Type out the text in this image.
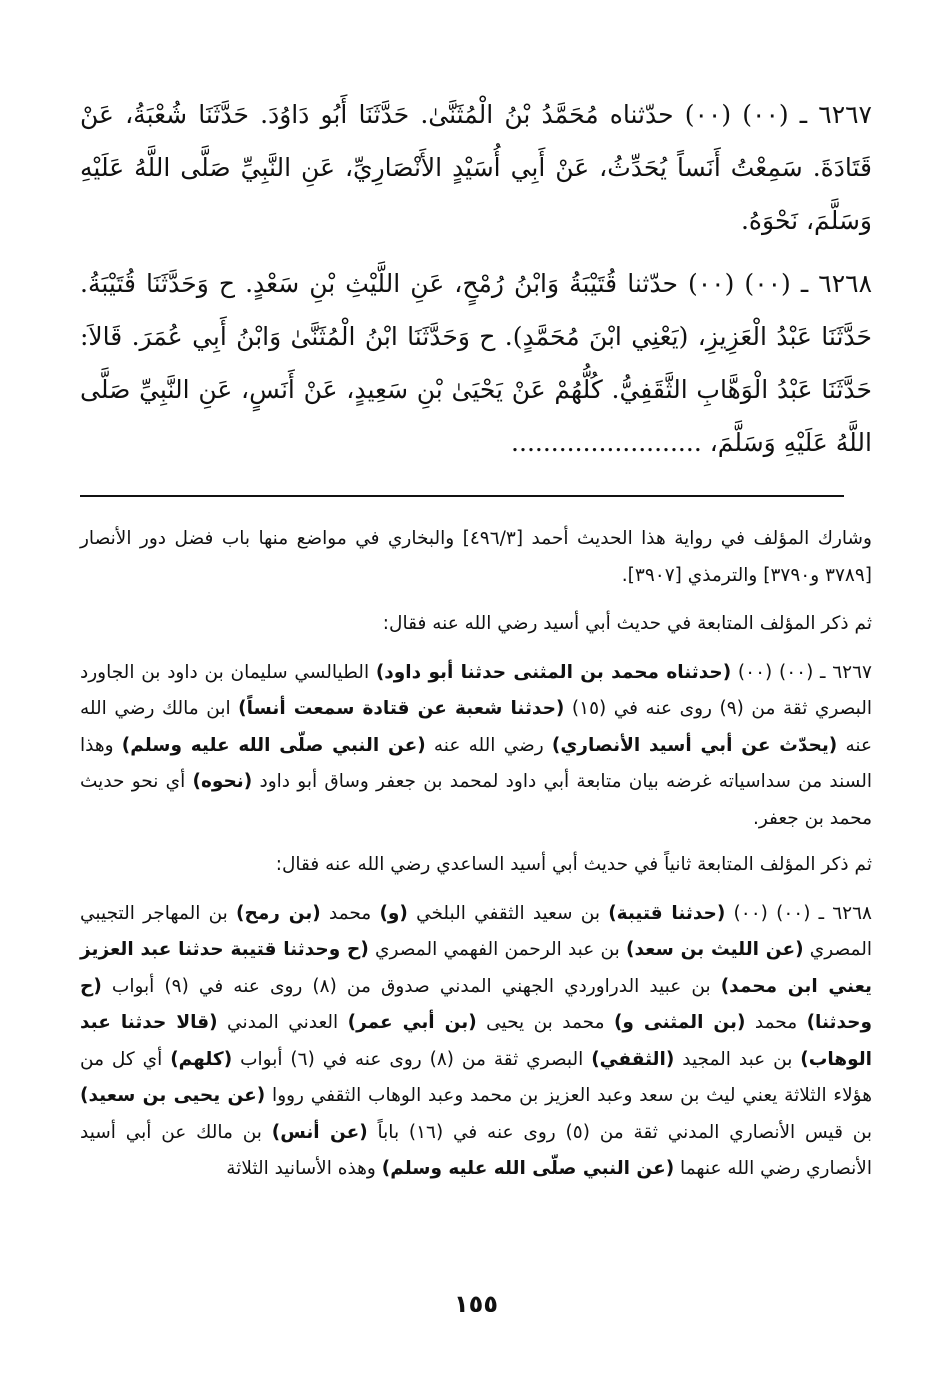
٦٢٦٧ ـ (٠٠) (٠٠) حدّثناه مُحَمَّدُ بْنُ الْمُثَنَّىٰ. حَدَّثَنَا أَبُو دَاوُدَ. حَدَّثَنَا شُعْبَةُ، عَنْ قَتَادَةَ. سَمِعْتُ أَنَساً يُحَدِّثُ، عَنْ أَبِي أُسَيْدٍ الأَنْصَارِيِّ، عَنِ النَّبِيِّ صَلَّى اللَّهُ عَلَيْهِ وَسَلَّمَ، نَحْوَهُ.

٦٢٦٨ ـ (٠٠) (٠٠) حدّثنا قُتَيْبَةُ وَابْنُ رُمْحٍ، عَنِ اللَّيْثِ بْنِ سَعْدٍ. ح وَحَدَّثَنَا قُتَيْبَةُ. حَدَّثَنَا عَبْدُ الْعَزِيزِ، (يَعْنِي ابْنَ مُحَمَّدٍ). ح وَحَدَّثَنَا ابْنُ الْمُثَنَّىٰ وَابْنُ أَبِي عُمَرَ. قَالاَ: حَدَّثَنَا عَبْدُ الْوَهَّابِ الثَّقَفِيُّ. كُلُّهُمْ عَنْ يَحْيَىٰ بْنِ سَعِيدٍ، عَنْ أَنَسٍ، عَنِ النَّبِيِّ صَلَّى اللَّهُ عَلَيْهِ وَسَلَّمَ، ........................

وشارك المؤلف في رواية هذا الحديث أحمد [٤٩٦/٣] والبخاري في مواضع منها باب فضل دور الأنصار [٣٧٨٩ و٣٧٩٠] والترمذي [٣٩٠٧].

ثم ذكر المؤلف المتابعة في حديث أبي أسيد رضي الله عنه فقال:

٦٢٦٧ ـ (٠٠) (٠٠) (حدثناه محمد بن المثنى حدثنا أبو داود) الطيالسي سليمان بن داود بن الجاورد البصري ثقة من (٩) روى عنه في (١٥) (حدثنا شعبة عن قتادة سمعت أنساً) ابن مالك رضي الله عنه (يحدّث عن أبي أسيد الأنصاري) رضي الله عنه (عن النبي صلّى الله عليه وسلم) وهذا السند من سداسياته غرضه بيان متابعة أبي داود لمحمد بن جعفر وساق أبو داود (نحوه) أي نحو حديث محمد بن جعفر.

ثم ذكر المؤلف المتابعة ثانياً في حديث أبي أسيد الساعدي رضي الله عنه فقال:

٦٢٦٨ ـ (٠٠) (٠٠) (حدثنا قتيبة) بن سعيد الثقفي البلخي (و) محمد (بن رمح) بن المهاجر التجيبي المصري (عن الليث بن سعد) بن عبد الرحمن الفهمي المصري (ح وحدثنا قتيبة حدثنا عبد العزيز يعني ابن محمد) بن عبيد الدراوردي الجهني المدني صدوق من (٨) روى عنه في (٩) أبواب (ح وحدثنا) محمد (بن المثنى و) محمد بن يحيى (بن أبي عمر) العدني المدني (قالا حدثنا عبد الوهاب) بن عبد المجيد (الثقفي) البصري ثقة من (٨) روى عنه في (٦) أبواب (كلهم) أي كل من هؤلاء الثلاثة يعني ليث بن سعد وعبد العزيز بن محمد وعبد الوهاب الثقفي رووا (عن يحيى بن سعيد) بن قيس الأنصاري المدني ثقة من (٥) روى عنه في (١٦) باباً (عن أنس) بن مالك عن أبي أسيد الأنصاري رضي الله عنهما (عن النبي صلّى الله عليه وسلم) وهذه الأسانيد الثلاثة

١٥٥
